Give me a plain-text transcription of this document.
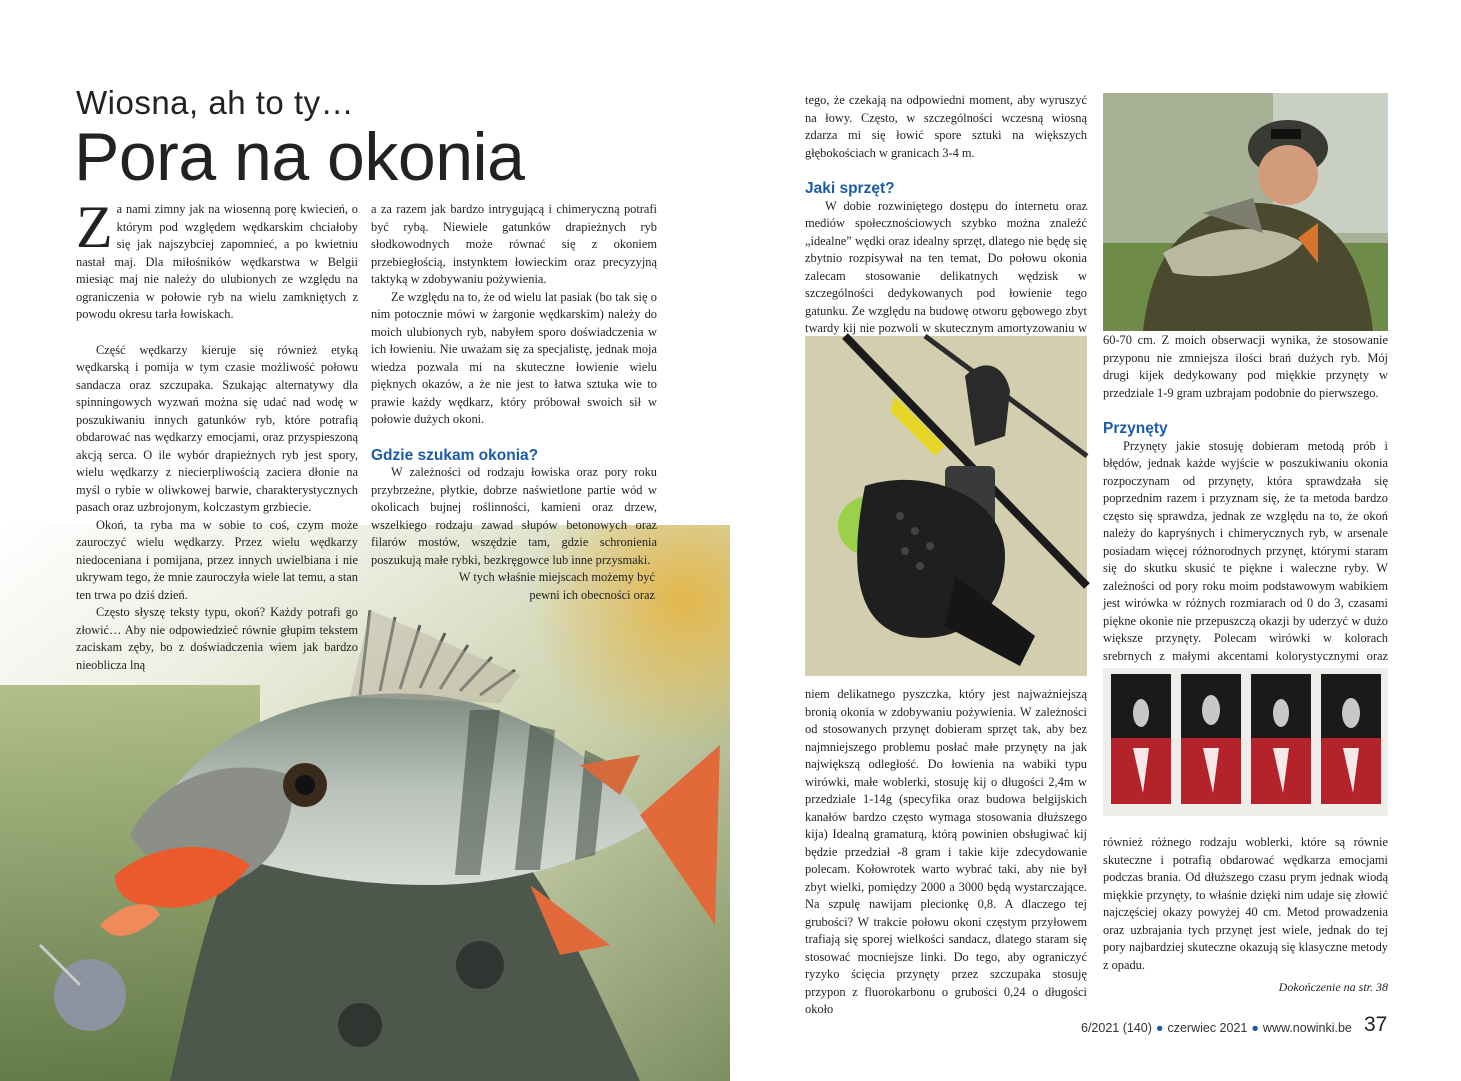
Wiosna, ah to ty…
Pora na okonia
Z a nami zimny jak na wiosenną porę kwiecień, o którym pod względem wędkarskim chciałoby się jak najszybciej zapomnieć, a po kwietniu nastał maj. Dla miłośników wędkarstwa w Belgii miesiąc maj nie należy do ulubionych ze względu na ograniczenia w połowie ryb na wielu zamkniętych z powodu okresu tarła łowiskach.

Część wędkarzy kieruje się również etyką wędkarską i pomija w tym czasie możliwość połowu sandacza oraz szczupaka. Szukając alternatywy dla spinningowych wyzwań można się udać nad wodę w poszukiwaniu innych gatunków ryb, które potrafią obdarować nas wędkarzy emocjami, oraz przyspieszoną akcją serca. O ile wybór drapieżnych ryb jest spory, wielu wędkarzy z niecierpliwością zaciera dłonie na myśl o rybie w oliwkowej barwie, charakterystycznych pasach oraz uzbrojonym, kolczastym grzbiecie.

Okoń, ta ryba ma w sobie to coś, czym może zauroczyć wielu wędkarzy. Przez wielu wędkarzy niedoceniana i pomijana, przez innych uwielbiana i nie ukrywam tego, że mnie zauroczyła wiele lat temu, a stan ten trwa po dziś dzień.

Często słyszę teksty typu, okoń? Każdy potrafi go złowić… Aby nie odpowiedzieć równie głupim tekstem zaciskam zęby, bo z doświadczenia wiem jak bardzo nieoblicza lną

a za razem jak bardzo intrygującą i chimeryczną potrafi być rybą. Niewiele gatunków drapieżnych ryb słodkowodnych może równać się z okoniem przebiegłością, instynktem łowieckim oraz precyzyjną taktyką w zdobywaniu pożywienia.

Ze względu na to, że od wielu lat pasiak (bo tak się o nim potocznie mówi w żargonie wędkarskim) należy do moich ulubionych ryb, nabyłem sporo doświadczenia w ich łowieniu. Nie uważam się za specjalistę, jednak moja wiedza pozwala mi na skuteczne łowienie wielu pięknych okazów, a że nie jest to łatwa sztuka wie to prawie każdy wędkarz, który próbował swoich sił w połowie dużych okoni.

Gdzie szukam okonia?

W zależności od rodzaju łowiska oraz pory roku przybrzeżne, płytkie, dobrze naświetlone partie wód w okolicach bujnej roślinności, kamieni oraz drzew, wszelkiego rodzaju zawad słupów betonowych oraz filarów mostów, wszędzie tam, gdzie schronienia poszukują małe rybki, bezkręgowce lub inne przysmaki.

W tych właśnie miejscach możemy być

pewni ich obecności oraz

tego, że czekają na odpowiedni moment, aby wyruszyć na łowy. Często, w szczególności wczesną wiosną zdarza mi się łowić spore sztuki na większych głębokościach w granicach 3-4 m.

Jaki sprzęt?

W dobie rozwiniętego dostępu do internetu oraz mediów społecznościowych szybko można znaleźć „idealne” wędki oraz idealny sprzęt, dlatego nie będę się zbytnio rozpisywał na ten temat, Do połowu okonia zalecam stosowanie delikatnych wędzisk w szczególności dedykowanych pod łowienie tego gatunku. Ze względu na budowę otworu gębowego zbyt twardy kij nie pozwoli w skutecznym amortyzowaniu w

niem delikatnego pyszczka, który jest najważniejszą bronią okonia w zdobywaniu pożywienia. W zależności od stosowanych przynęt dobieram sprzęt tak, aby bez najmniejszego problemu posłać małe przynęty na jak największą odległość. Do łowienia na wabiki typu wirówki, małe woblerki, stosuję kij o długości 2,4m w przedziale 1-14g (specyfika oraz budowa belgijskich kanałów bardzo często wymaga stosowania dłuższego kija) Idealną gramaturą, którą powinien obsługiwać kij będzie przedział -8 gram i takie kije zdecydowanie polecam. Kołowrotek warto wybrać taki, aby nie był zbyt wielki, pomiędzy 2000 a 3000 będą wystarczające. Na szpulę nawijam plecionkę 0,8. A dlaczego tej grubości? W trakcie połowu okoni częstym przyłowem trafiają się sporej wielkości sandacz, dlatego staram się stosować mocniejsze linki. Do tego, aby ograniczyć ryzyko ścięcia przynęty przez szczupaka stosuję przypon z fluorokarbonu o grubości 0,24 o długości około

60-70 cm. Z moich obserwacji wynika, że stosowanie przyponu nie zmniejsza ilości brań dużych ryb. Mój drugi kijek dedykowany pod miękkie przynęty w przedziale 1-9 gram uzbrajam podobnie do pierwszego.

Przynęty

Przynęty jakie stosuję dobieram metodą prób i błędów, jednak każde wyjście w poszukiwaniu okonia rozpoczynam od przynęty, która sprawdzała się poprzednim razem i przyznam się, że ta metoda bardzo często się sprawdza, jednak ze względu na to, że okoń należy do kapryśnych i chimerycznych ryb, w arsenale posiadam więcej różnorodnych przynęt, którymi staram się do skutku skusić te piękne i waleczne ryby. W zależności od pory roku moim podstawowym wabikiem jest wirówka w różnych rozmiarach od 0 do 3, czasami piękne okonie nie przepuszczą okazji by uderzyć w dużo większe przynęty. Polecam wirówki w kolorach srebrnych z małymi akcentami kolorystycznymi oraz

również różnego rodzaju woblerki, które są równie skuteczne i potrafią obdarować wędkarza emocjami podczas brania. Od dłuższego czasu prym jednak wiodą miękkie przynęty, to właśnie dzięki nim udaje się złowić najczęściej okazy powyżej 40 cm. Metod prowadzenia oraz uzbrajania tych przynęt jest wiele, jednak do tej pory najbardziej skuteczne okazują się klasyczne metody z opadu.

Dokończenie na str. 38

6/2021 (140) ● czerwiec 2021 ● www.nowinki.be 37
